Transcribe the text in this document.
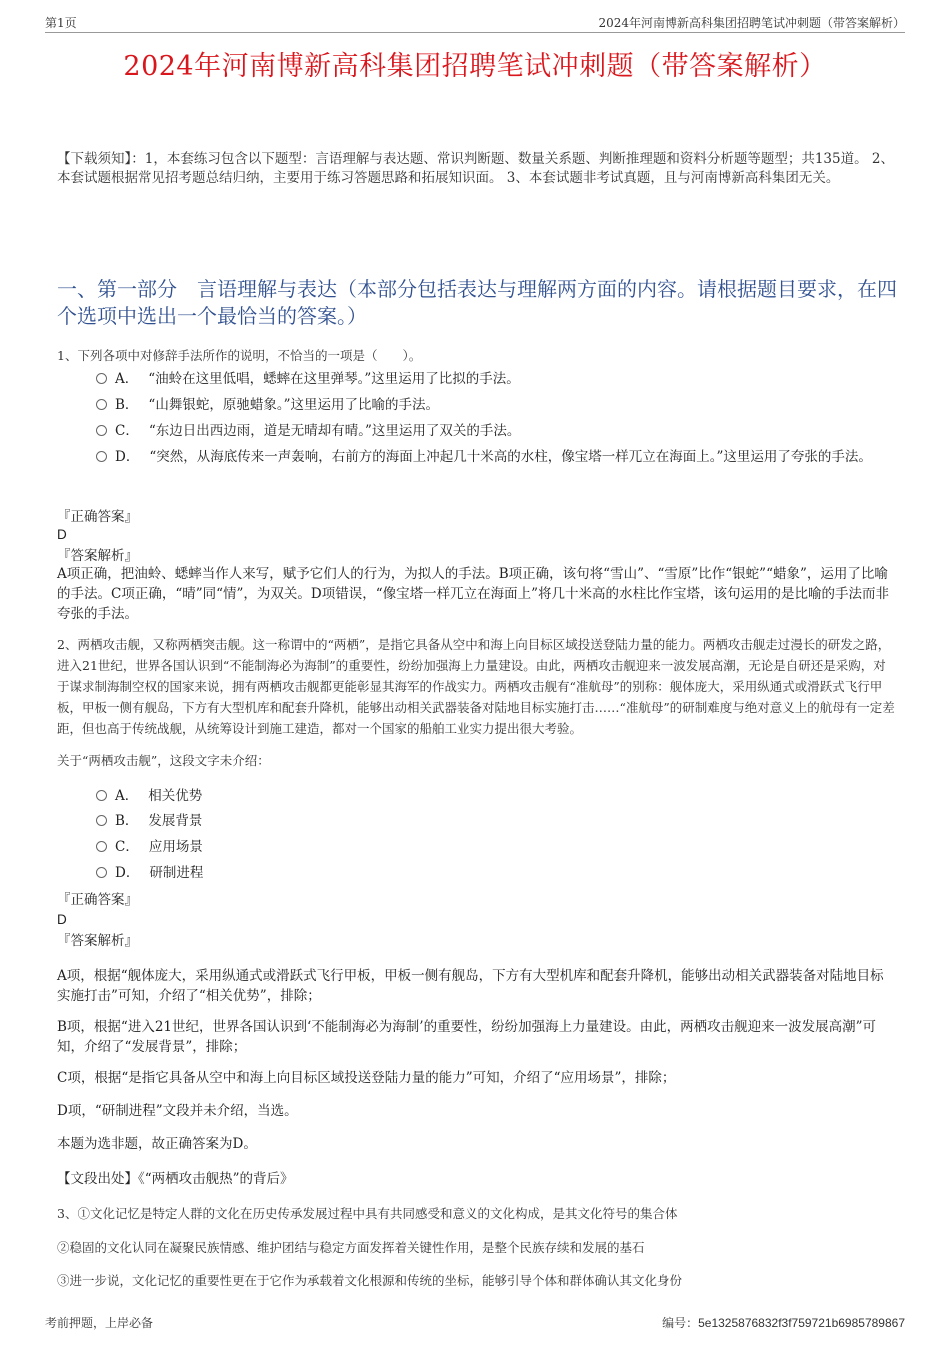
第1页	2024年河南博新高科集团招聘笔试冲刺题（带答案解析）
2024年河南博新高科集团招聘笔试冲刺题（带答案解析）
【下载须知】：1，本套练习包含以下题型：言语理解与表达题、常识判断题、数量关系题、判断推理题和资料分析题等题型；共135道。 2、本套试题根据常见招考题总结归纳，主要用于练习答题思路和拓展知识面。 3、本套试题非考试真题，且与河南博新高科集团无关。
一、第一部分　言语理解与表达（本部分包括表达与理解两方面的内容。请根据题目要求，在四个选项中选出一个最恰当的答案。）
1、下列各项中对修辞手法所作的说明，不恰当的一项是（　　）。
A． “油蛉在这里低唱，蟋蟀在这里弹琴。”这里运用了比拟的手法。
B． “山舞银蛇，原驰蜡象。”这里运用了比喻的手法。
C． “东边日出西边雨，道是无晴却有晴。”这里运用了双关的手法。
D． “突然，从海底传来一声轰响，右前方的海面上冲起几十米高的水柱，像宝塔一样兀立在海面上。”这里运用了夸张的手法。
『正确答案』
D
『答案解析』
A项正确，把油蛉、蟋蟀当作人来写，赋予它们人的行为，为拟人的手法。B项正确，该句将“雪山”、“雪原”比作“银蛇”“蜡象”，运用了比喻的手法。C项正确，“晴”同“情”，为双关。D项错误，“像宝塔一样兀立在海面上”将几十米高的水柱比作宝塔，该句运用的是比喻的手法而非夸张的手法。
2、两栖攻击舰，又称两栖突击舰。这一称谓中的“两栖”，是指它具备从空中和海上向目标区域投送登陆力量的能力。两栖攻击舰走过漫长的研发之路，进入21世纪，世界各国认识到“不能制海必为海制”的重要性，纷纷加强海上力量建设。由此，两栖攻击舰迎来一波发展高潮，无论是自研还是采购，对于谋求制海制空权的国家来说，拥有两栖攻击舰都更能彰显其海军的作战实力。两栖攻击舰有“准航母”的别称：舰体庞大，采用纵通式或滑跃式飞行甲板，甲板一侧有舰岛，下方有大型机库和配套升降机，能够出动相关武器装备对陆地目标实施打击……“准航母”的研制难度与绝对意义上的航母有一定差距，但也高于传统战舰，从统筹设计到施工建造，都对一个国家的船舶工业实力提出很大考验。
关于“两栖攻击舰”，这段文字未介绍：
A． 相关优势
B． 发展背景
C． 应用场景
D． 研制进程
『正确答案』
D
『答案解析』
A项，根据“舰体庞大，采用纵通式或滑跃式飞行甲板，甲板一侧有舰岛，下方有大型机库和配套升降机，能够出动相关武器装备对陆地目标实施打击”可知，介绍了“相关优势”，排除；
B项，根据“进入21世纪，世界各国认识到‘不能制海必为海制’的重要性，纷纷加强海上力量建设。由此，两栖攻击舰迎来一波发展高潮”可知，介绍了“发展背景”，排除；
C项，根据“是指它具备从空中和海上向目标区域投送登陆力量的能力”可知，介绍了“应用场景”，排除；
D项，“研制进程”文段并未介绍，当选。
本题为选非题，故正确答案为D。
【文段出处】《“两栖攻击舰热”的背后》
3、①文化记忆是特定人群的文化在历史传承发展过程中具有共同感受和意义的文化构成，是其文化符号的集合体
②稳固的文化认同在凝聚民族情感、维护团结与稳定方面发挥着关键性作用，是整个民族存续和发展的基石
③进一步说，文化记忆的重要性更在于它作为承载着文化根源和传统的坐标，能够引导个体和群体确认其文化身份
考前押题，上岸必备	编号：5e1325876832f3f759721b6985789867
